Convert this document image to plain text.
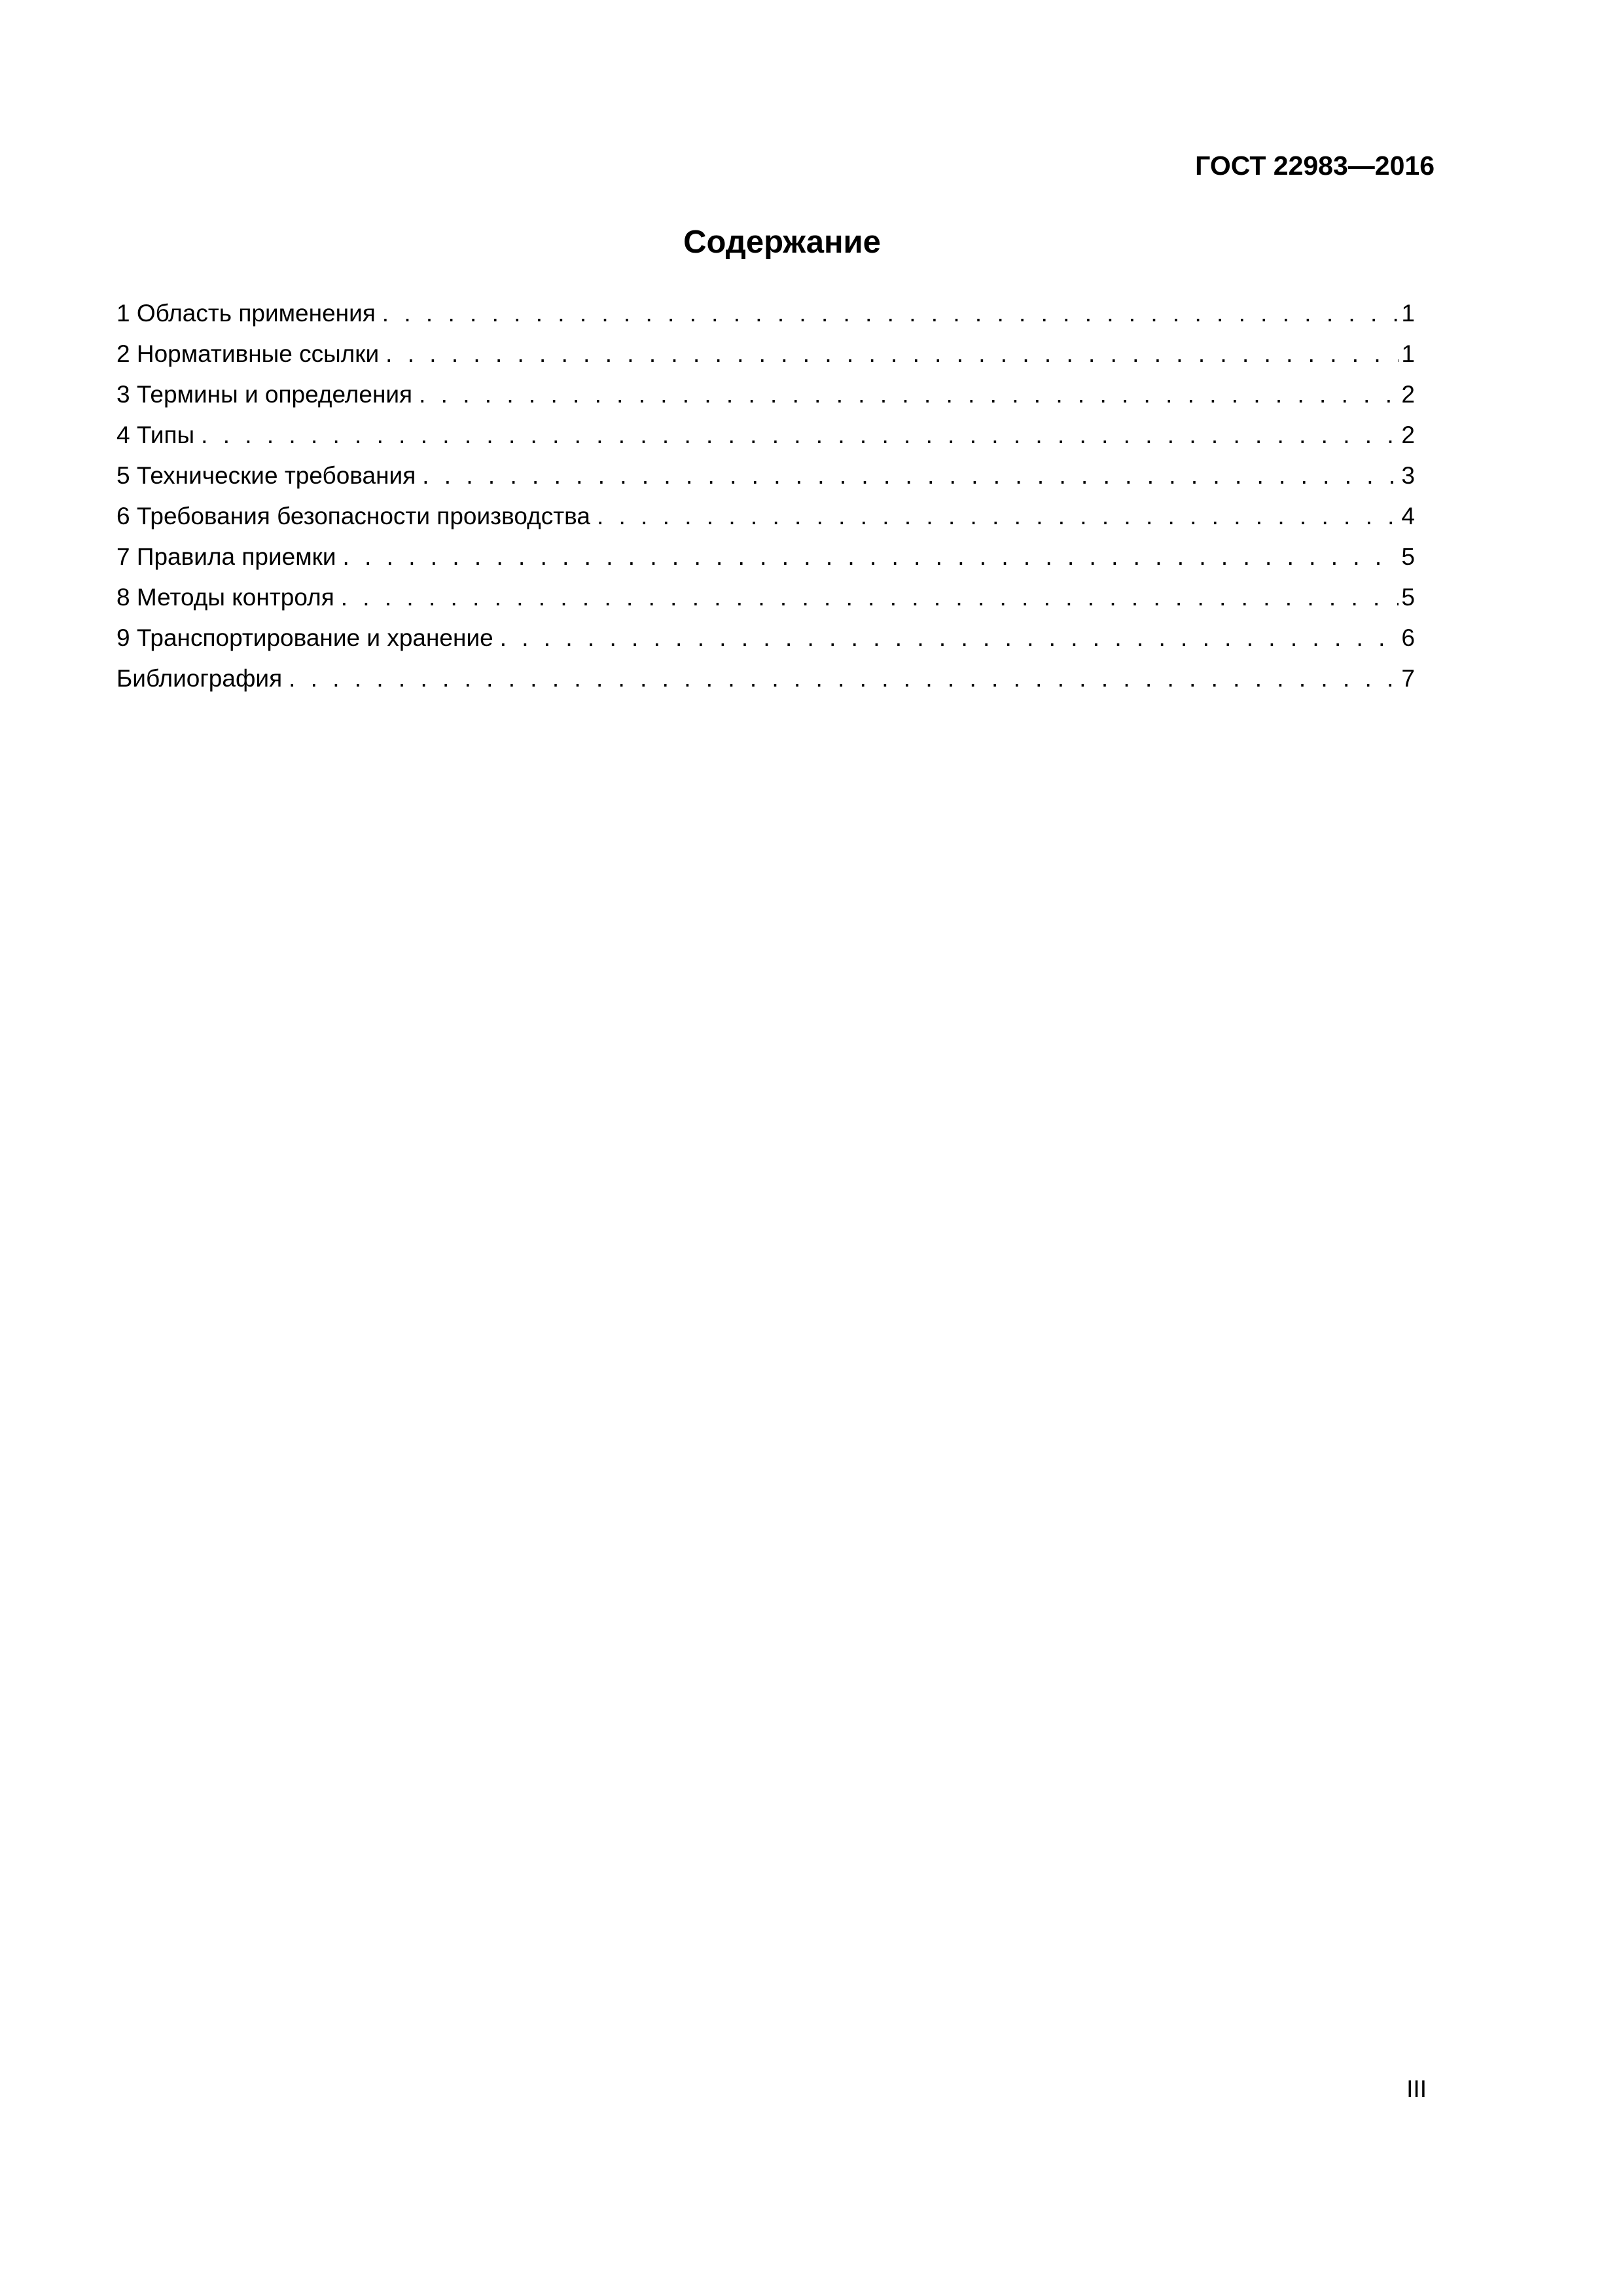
ГОСТ 22983—2016
Содержание
1 Область применения . . .	1
2 Нормативные ссылки . . .	1
3 Термины и определения . . .	2
4 Типы . . .	2
5 Технические требования . . .	3
6 Требования безопасности производства . . .	4
7 Правила приемки . . .	5
8 Методы контроля . . .	5
9 Транспортирование и хранение . . .	6
Библиография . . .	7
III
